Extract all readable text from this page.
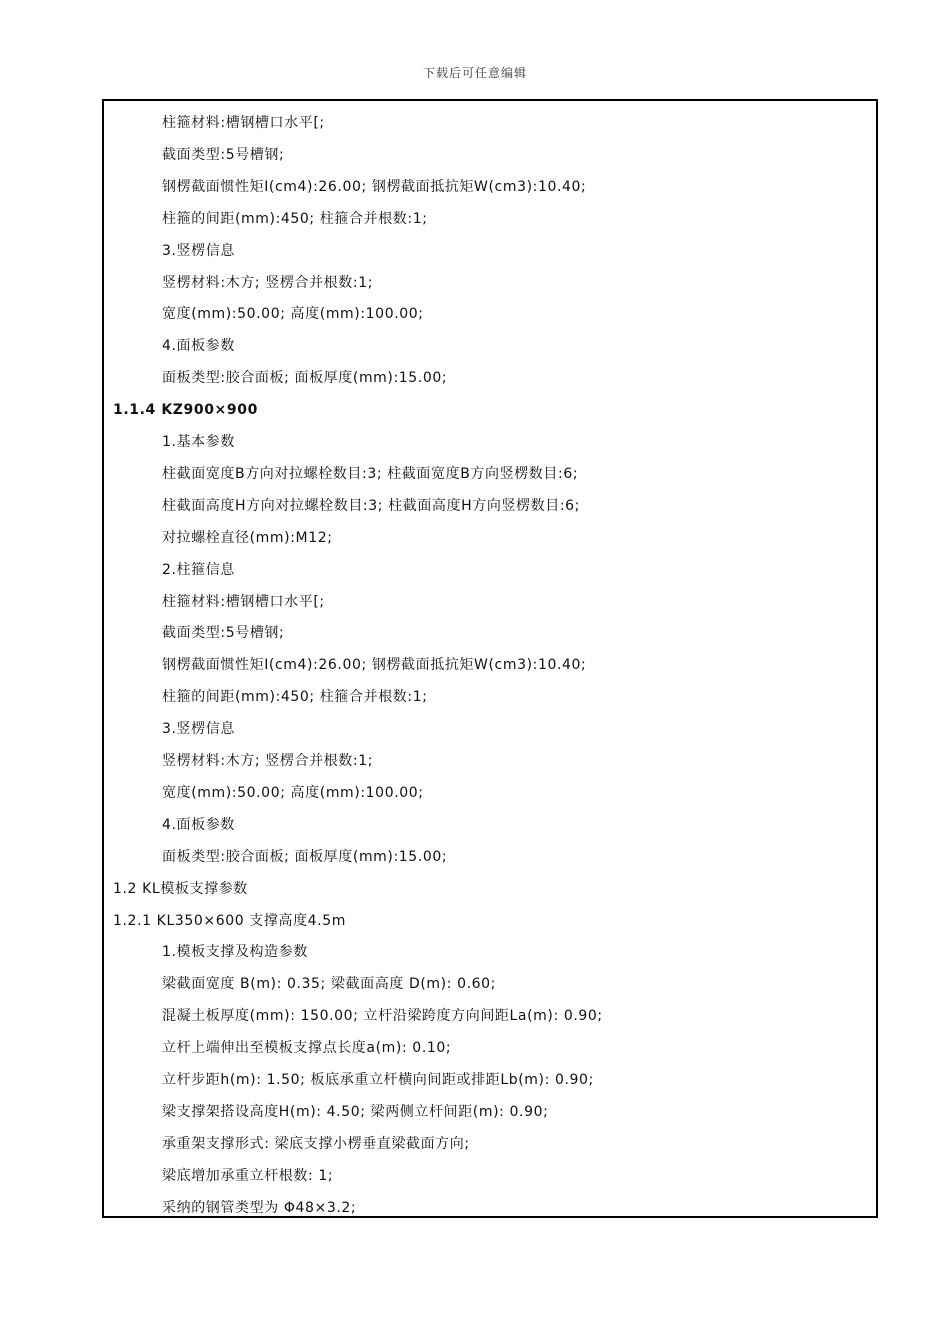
下载后可任意编辑
柱箍材料:槽钢槽口水平[;
截面类型:5号槽钢;
钢楞截面惯性矩I(cm4):26.00; 钢楞截面抵抗矩W(cm3):10.40;
柱箍的间距(mm):450; 柱箍合并根数:1;
3.竖楞信息
竖楞材料:木方; 竖楞合并根数:1;
宽度(mm):50.00; 高度(mm):100.00;
4.面板参数
面板类型:胶合面板; 面板厚度(mm):15.00;
1.1.4 KZ900×900
1.基本参数
柱截面宽度B方向对拉螺栓数目:3; 柱截面宽度B方向竖楞数目:6;
柱截面高度H方向对拉螺栓数目:3; 柱截面高度H方向竖楞数目:6;
对拉螺栓直径(mm):M12;
2.柱箍信息
柱箍材料:槽钢槽口水平[;
截面类型:5号槽钢;
钢楞截面惯性矩I(cm4):26.00; 钢楞截面抵抗矩W(cm3):10.40;
柱箍的间距(mm):450; 柱箍合并根数:1;
3.竖楞信息
竖楞材料:木方; 竖楞合并根数:1;
宽度(mm):50.00; 高度(mm):100.00;
4.面板参数
面板类型:胶合面板; 面板厚度(mm):15.00;
1.2 KL模板支撑参数
1.2.1 KL350×600 支撑高度4.5m
1.模板支撑及构造参数
梁截面宽度 B(m): 0.35; 梁截面高度 D(m): 0.60;
混凝土板厚度(mm): 150.00; 立杆沿梁跨度方向间距La(m): 0.90;
立杆上端伸出至模板支撑点长度a(m): 0.10;
立杆步距h(m): 1.50; 板底承重立杆横向间距或排距Lb(m): 0.90;
梁支撑架搭设高度H(m): 4.50; 梁两侧立杆间距(m): 0.90;
承重架支撑形式: 梁底支撑小楞垂直梁截面方向;
梁底增加承重立杆根数: 1;
采纳的钢管类型为 Φ48×3.2;
